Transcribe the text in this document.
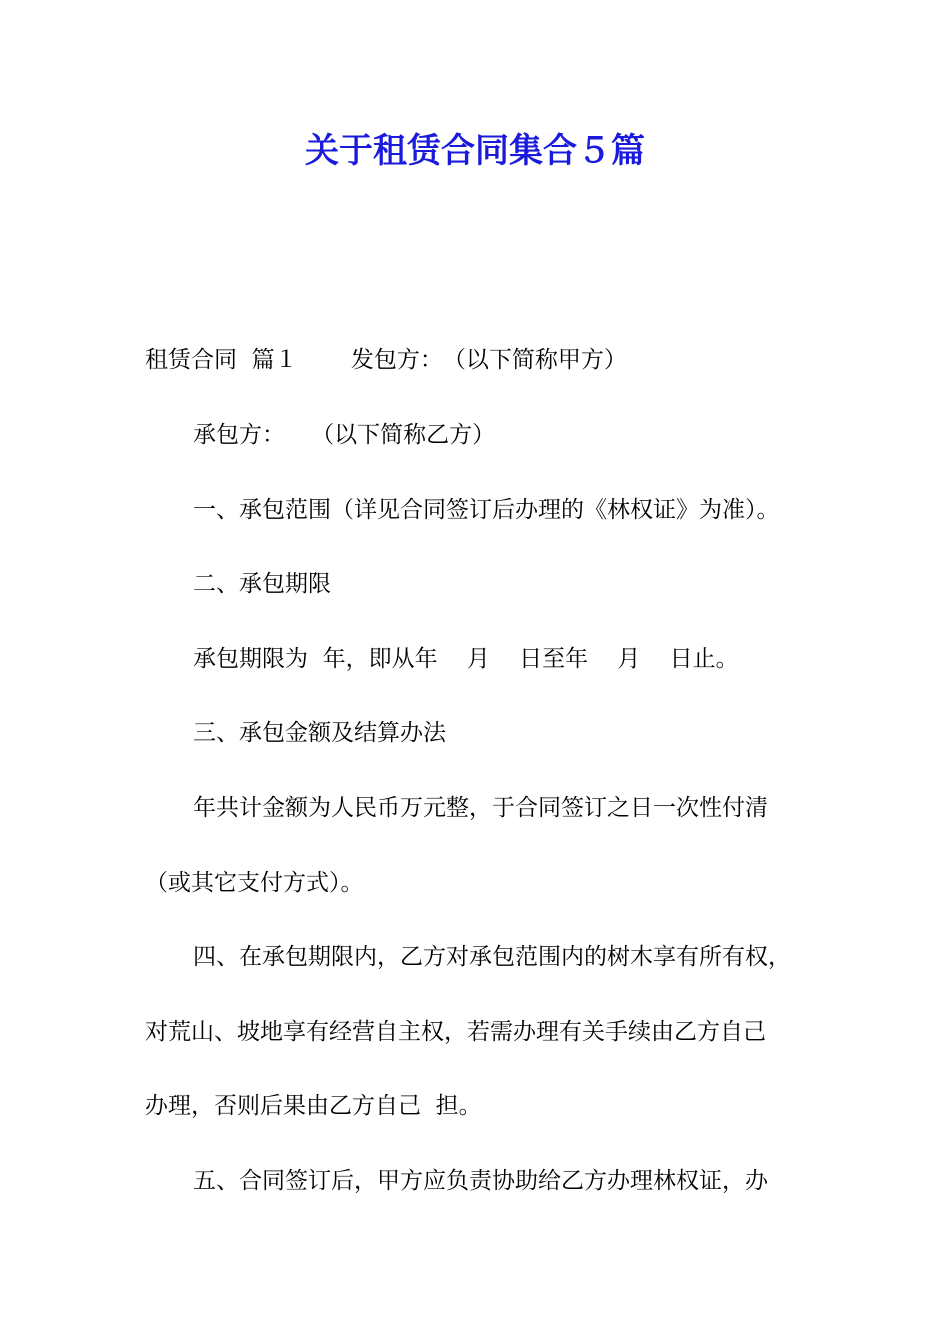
关于租赁合同集合５篇

租赁合同  篇１　　 发包方：　（以下简称甲方）

承包方：　  （以下简称乙方）

一、承包范围（详见合同签订后办理的《林权证》为准）。

二、承包期限

承包期限为  年，即从年    月    日至年    月    日止。

三、承包金额及结算办法

年共计金额为人民币万元整，于合同签订之日一次性付清

（或其它支付方式）。

四、在承包期限内，乙方对承包范围内的树木享有所有权，

对荒山、坡地享有经营自主权，若需办理有关手续由乙方自己

办理，否则后果由乙方自己  担。

五、合同签订后，甲方应负责协助给乙方办理林权证，办
